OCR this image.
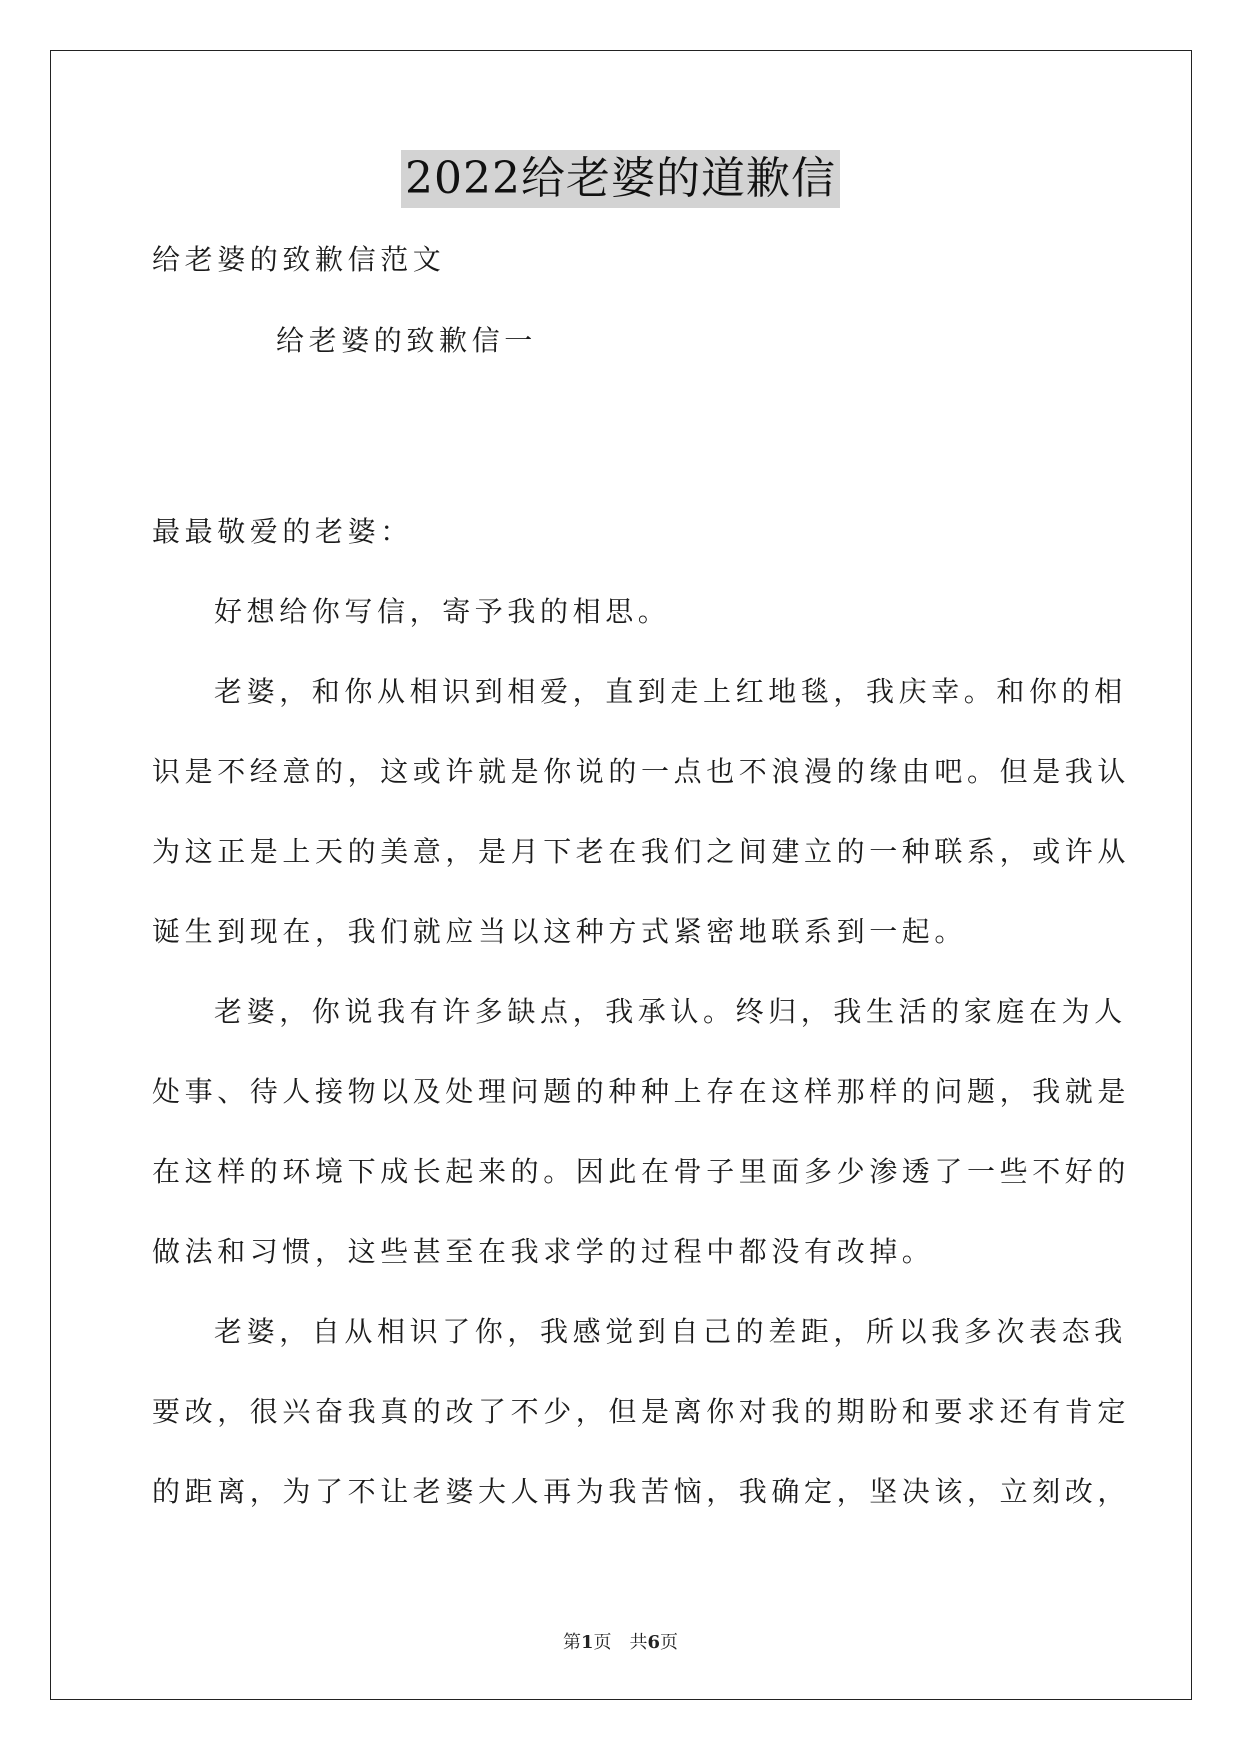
2022给老婆的道歉信
给老婆的致歉信范文
给老婆的致歉信一
最最敬爱的老婆：
好想给你写信，寄予我的相思。
老婆，和你从相识到相爱，直到走上红地毯，我庆幸。和你的相
识是不经意的，这或许就是你说的一点也不浪漫的缘由吧。但是我认
为这正是上天的美意，是月下老在我们之间建立的一种联系，或许从
诞生到现在，我们就应当以这种方式紧密地联系到一起。
老婆，你说我有许多缺点，我承认。终归，我生活的家庭在为人
处事、待人接物以及处理问题的种种上存在这样那样的问题，我就是
在这样的环境下成长起来的。因此在骨子里面多少渗透了一些不好的
做法和习惯，这些甚至在我求学的过程中都没有改掉。
老婆，自从相识了你，我感觉到自己的差距，所以我多次表态我
要改，很兴奋我真的改了不少，但是离你对我的期盼和要求还有肯定
的距离，为了不让老婆大人再为我苦恼，我确定，坚决该，立刻改，
第1页　共6页
